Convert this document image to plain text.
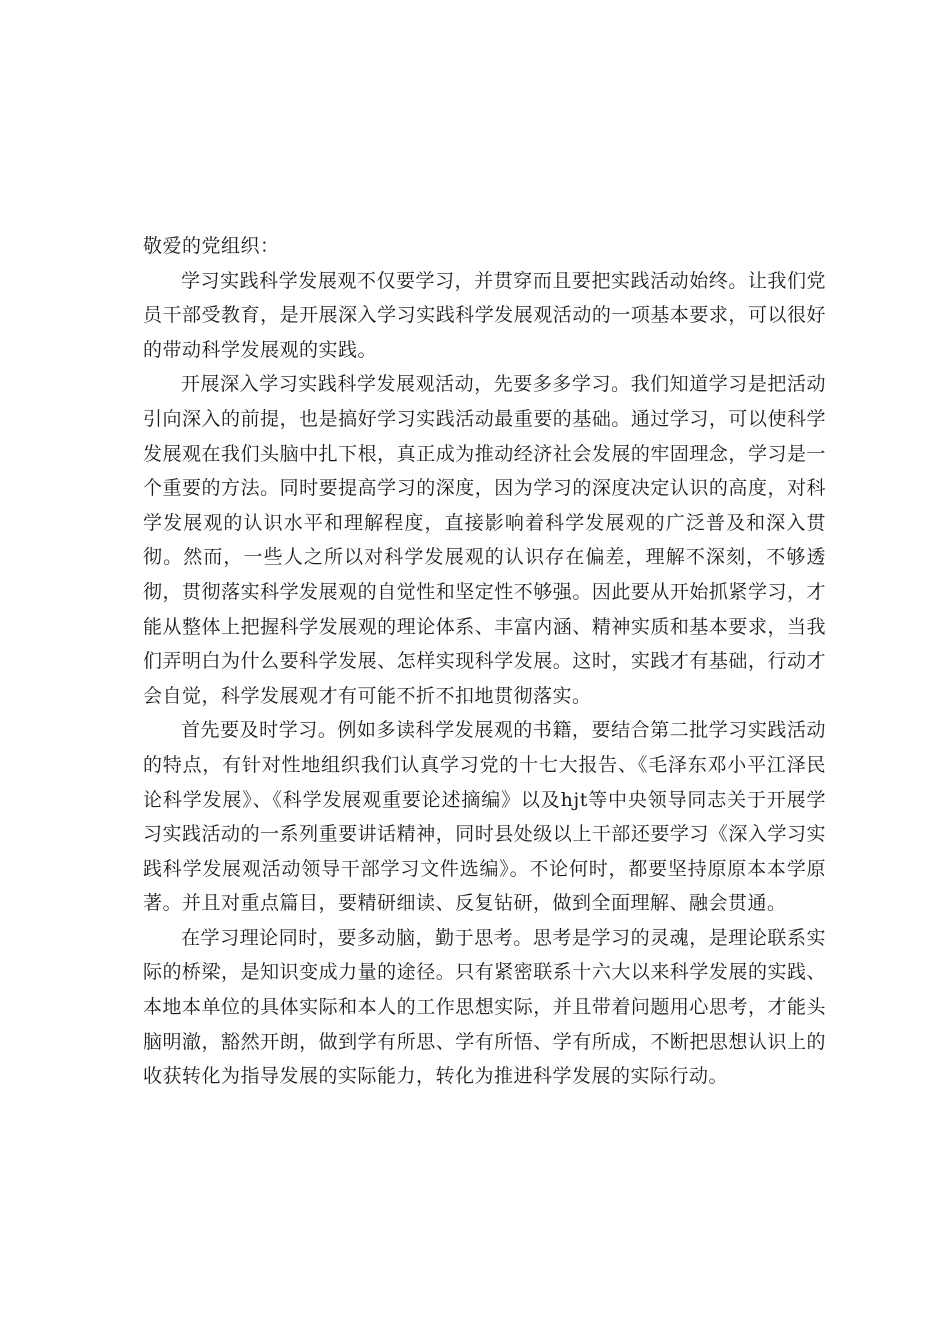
敬爱的党组织：

学习实践科学发展观不仅要学习，并贯穿而且要把实践活动始终。让我们党员干部受教育，是开展深入学习实践科学发展观活动的一项基本要求，可以很好的带动科学发展观的实践。

开展深入学习实践科学发展观活动，先要多多学习。我们知道学习是把活动引向深入的前提，也是搞好学习实践活动最重要的基础。通过学习，可以使科学发展观在我们头脑中扎下根，真正成为推动经济社会发展的牢固理念，学习是一个重要的方法。同时要提高学习的深度，因为学习的深度决定认识的高度，对科学发展观的认识水平和理解程度，直接影响着科学发展观的广泛普及和深入贯彻。然而，一些人之所以对科学发展观的认识存在偏差，理解不深刻，不够透彻，贯彻落实科学发展观的自觉性和坚定性不够强。因此要从开始抓紧学习，才能从整体上把握科学发展观的理论体系、丰富内涵、精神实质和基本要求，当我们弄明白为什么要科学发展、怎样实现科学发展。这时，实践才有基础，行动才会自觉，科学发展观才有可能不折不扣地贯彻落实。

首先要及时学习。例如多读科学发展观的书籍，要结合第二批学习实践活动的特点，有针对性地组织我们认真学习党的十七大报告、《毛泽东邓小平江泽民论科学发展》、《科学发展观重要论述摘编》以及hjt等中央领导同志关于开展学习实践活动的一系列重要讲话精神，同时县处级以上干部还要学习《深入学习实践科学发展观活动领导干部学习文件选编》。不论何时，都要坚持原原本本学原著。并且对重点篇目，要精研细读、反复钻研，做到全面理解、融会贯通。

在学习理论同时，要多动脑，勤于思考。思考是学习的灵魂，是理论联系实际的桥梁，是知识变成力量的途径。只有紧密联系十六大以来科学发展的实践、本地本单位的具体实际和本人的工作思想实际，并且带着问题用心思考，才能头脑明澈，豁然开朗，做到学有所思、学有所悟、学有所成，不断把思想认识上的收获转化为指导发展的实际能力，转化为推进科学发展的实际行动。
